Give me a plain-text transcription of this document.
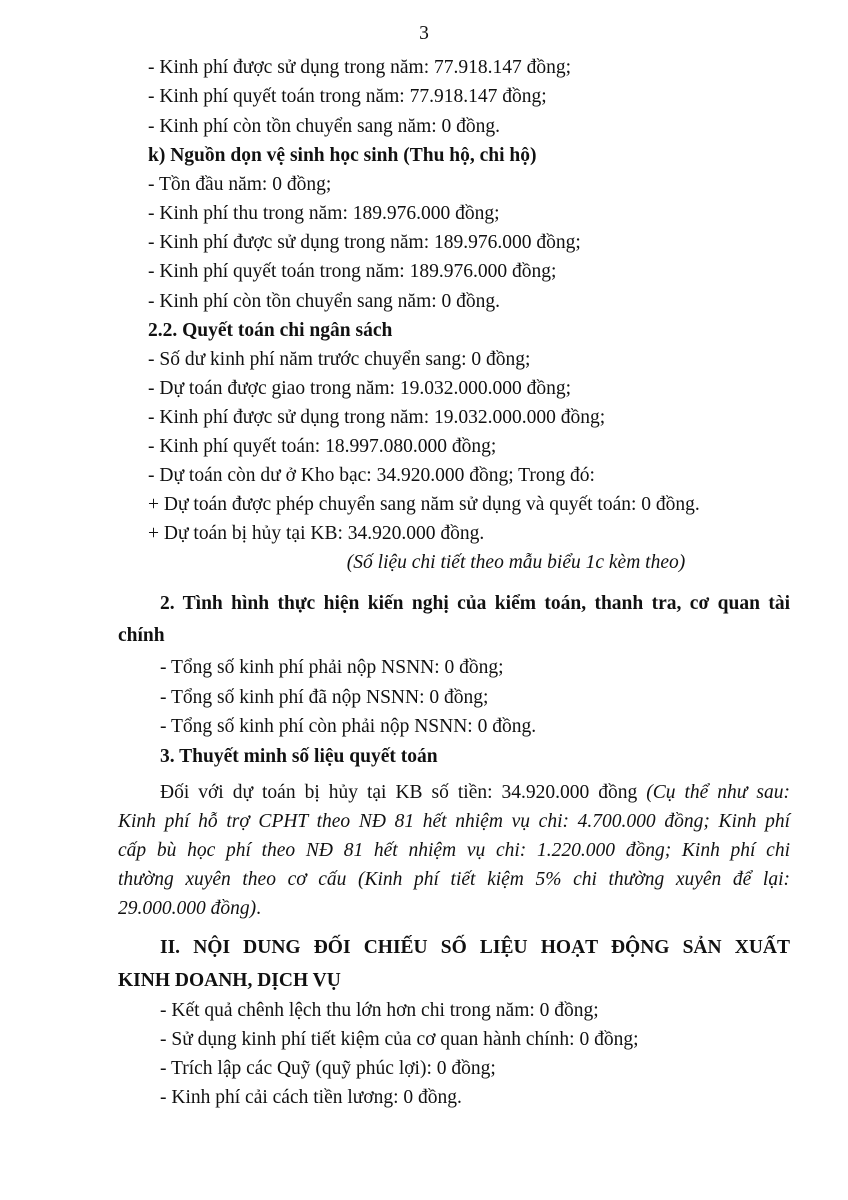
3
- Kinh phí được sử dụng trong năm: 77.918.147 đồng;
- Kinh phí quyết toán trong năm: 77.918.147 đồng;
- Kinh phí còn tồn chuyển sang năm: 0 đồng.
k) Nguồn dọn vệ sinh học sinh (Thu hộ, chi hộ)
- Tồn đầu năm: 0 đồng;
- Kinh phí thu trong năm: 189.976.000 đồng;
- Kinh phí được sử dụng trong năm: 189.976.000 đồng;
- Kinh phí quyết toán trong năm: 189.976.000 đồng;
- Kinh phí còn tồn chuyển sang năm: 0 đồng.
2.2. Quyết toán chi ngân sách
- Số dư kinh phí năm trước chuyển sang: 0 đồng;
- Dự toán được giao trong năm: 19.032.000.000 đồng;
- Kinh phí được sử dụng trong năm: 19.032.000.000 đồng;
- Kinh phí quyết toán: 18.997.080.000 đồng;
- Dự toán còn dư ở Kho bạc: 34.920.000 đồng; Trong đó:
+ Dự toán được phép chuyển sang năm sử dụng và quyết toán: 0 đồng.
+ Dự toán bị hủy tại KB: 34.920.000 đồng.
(Số liệu chi tiết theo mẫu biểu 1c kèm theo)
2. Tình hình thực hiện kiến nghị của kiểm toán, thanh tra, cơ quan tài
chính
- Tổng số kinh phí phải nộp NSNN: 0 đồng;
- Tổng số kinh phí đã nộp NSNN: 0 đồng;
- Tổng số kinh phí còn phải nộp NSNN: 0 đồng.
3. Thuyết minh số liệu quyết toán
Đối với dự toán bị hủy tại KB số tiền: 34.920.000 đồng (Cụ thể như sau:
Kinh phí hỗ trợ CPHT theo NĐ 81 hết nhiệm vụ chi: 4.700.000 đồng; Kinh phí
cấp bù học phí theo NĐ 81 hết nhiệm vụ chi: 1.220.000 đồng; Kinh phí chi
thường xuyên theo cơ cấu (Kinh phí tiết kiệm 5% chi thường xuyên để lại:
29.000.000 đồng).
II. NỘI DUNG ĐỐI CHIẾU SỐ LIỆU HOẠT ĐỘNG SẢN XUẤT
KINH DOANH, DỊCH VỤ
- Kết quả chênh lệch thu lớn hơn chi trong năm: 0 đồng;
- Sử dụng kinh phí tiết kiệm của cơ quan hành chính: 0 đồng;
- Trích lập các Quỹ (quỹ phúc lợi): 0 đồng;
- Kinh phí cải cách tiền lương: 0 đồng.
